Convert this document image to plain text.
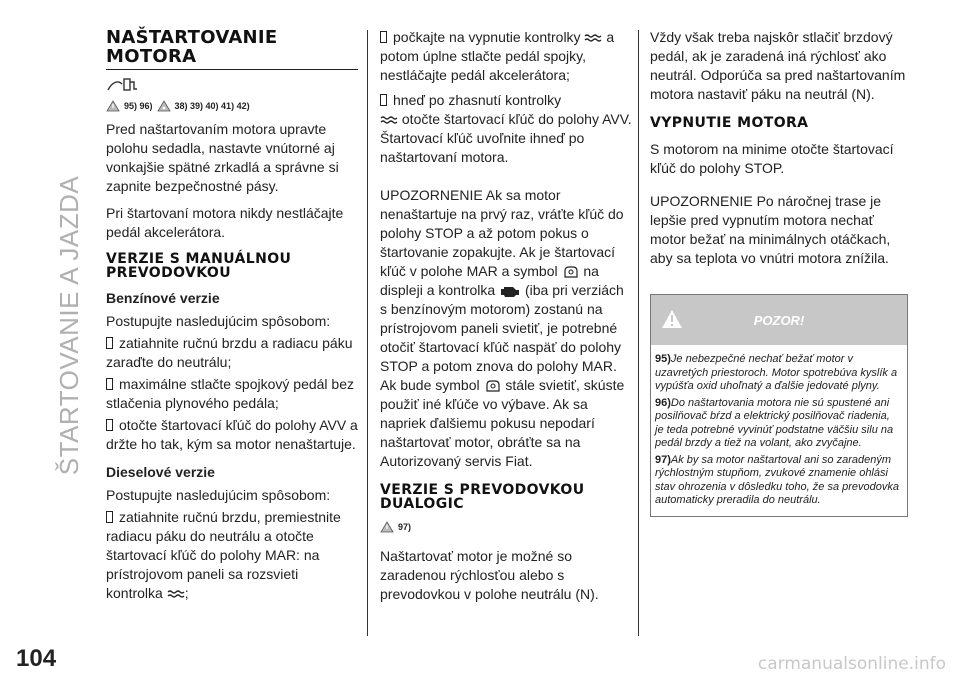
ŠTARTOVANIE A JAZDA
NAŠTARTOVANIE MOTORA
95) 96) 38) 39) 40) 41) 42)

Pred naštartovaním motora upravte polohu sedadla, nastavte vnútorné aj vonkajšie spätné zrkadlá a správne si zapnite bezpečnostné pásy.

Pri štartovaní motora nikdy nestláčajte pedál akcelerátora.

VERZIE S MANUÁLNOU PREVODOVKOU

Benzínové verzie

Postupujte nasledujúcim spôsobom:

zatiahnite ručnú brzdu a radiacu páku zaraďte do neutrálu;
maximálne stlačte spojkový pedál bez stlačenia plynového pedála;
otočte štartovací kľúč do polohy AVV a držte ho tak, kým sa motor nenaštartuje.

Dieselové verzie

Postupujte nasledujúcim spôsobom:

zatiahnite ručnú brzdu, premiestnite radiacu páku do neutrálu a otočte štartovací kľúč do polohy MAR: na prístrojovom paneli sa rozsvieti kontrolka ;
počkajte na vypnutie kontrolky a potom úplne stlačte pedál spojky, nestláčajte pedál akcelerátora;
hneď po zhasnutí kontrolky
otočte štartovací kľúč do polohy AVV. Štartovací kľúč uvoľnite ihneď po naštartovaní motora.

UPOZORNENIE Ak sa motor nenaštartuje na prvý raz, vráťte kľúč do polohy STOP a až potom pokus o štartovanie zopakujte. Ak je štartovací kľúč v polohe MAR a symbol na displeji a kontrolka (iba pri verziách s benzínovým motorom) zostanú na prístrojovom paneli svietiť, je potrebné otočiť štartovací kľúč naspäť do polohy STOP a potom znova do polohy MAR. Ak bude symbol stále svietiť, skúste použiť iné kľúče vo výbave. Ak sa napriek ďalšiemu pokusu nepodarí naštartovať motor, obráťte sa na Autorizovaný servis Fiat.

VERZIE S PREVODOVKOU DUALOGIC
97)

Naštartovať motor je možné so zaradenou rýchlosťou alebo s prevodovkou v polohe neutrálu (N).

Vždy však treba najskôr stlačiť brzdový pedál, ak je zaradená iná rýchlosť ako neutrál. Odporúča sa pred naštartovaním motora nastaviť páku na neutrál (N).

VYPNUTIE MOTORA

S motorom na minime otočte štartovací kľúč do polohy STOP.

UPOZORNENIE Po náročnej trase je lepšie pred vypnutím motora nechať motor bežať na minimálnych otáčkach, aby sa teplota vo vnútri motora znížila.

POZOR!
95)Je nebezpečné nechať bežať motor v uzavretých priestoroch. Motor spotrebúva kyslík a vypúšťa oxid uhoľnatý a ďalšie jedovaté plyny.
96)Do naštartovania motora nie sú spustené ani posilňovač bŕzd a elektrický posilňovač riadenia, je teda potrebné vyvinúť podstatne väčšiu silu na pedál brzdy a tiež na volant, ako zvyčajne.
97)Ak by sa motor naštartoval ani so zaradeným rýchlostným stupňom, zvukové znamenie ohlási stav ohrozenia v dôsledku toho, že sa prevodovka automaticky preradila do neutrálu.
104	carmanualsonline.info
